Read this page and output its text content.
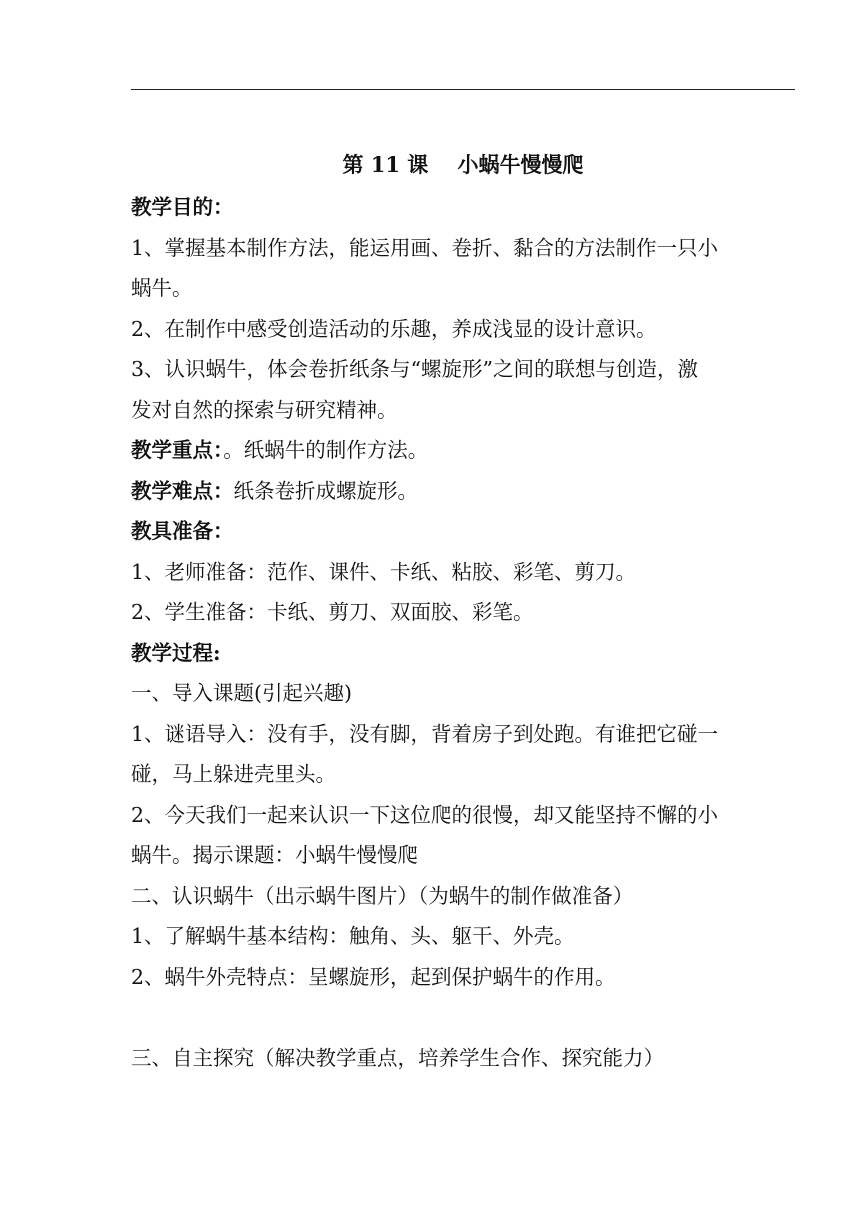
第 11 课    小蜗牛慢慢爬
教学目的：
1、掌握基本制作方法，能运用画、卷折、黏合的方法制作一只小
蜗牛。
2、在制作中感受创造活动的乐趣，养成浅显的设计意识。
3、认识蜗牛，体会卷折纸条与“螺旋形”之间的联想与创造，激
发对自然的探索与研究精神。
教学重点：。纸蜗牛的制作方法。
教学难点：纸条卷折成螺旋形。
教具准备：
1、老师准备：范作、课件、卡纸、粘胶、彩笔、剪刀。
2、学生准备：卡纸、剪刀、双面胶、彩笔。
教学过程:
一、导入课题(引起兴趣)
1、谜语导入：没有手，没有脚，背着房子到处跑。有谁把它碰一
碰，马上躲进壳里头。
2、今天我们一起来认识一下这位爬的很慢，却又能坚持不懈的小
蜗牛。揭示课题：小蜗牛慢慢爬
二、认识蜗牛（出示蜗牛图片）（为蜗牛的制作做准备）
1、了解蜗牛基本结构：触角、头、躯干、外壳。
2、蜗牛外壳特点：呈螺旋形，起到保护蜗牛的作用。
三、自主探究（解决教学重点，培养学生合作、探究能力）
